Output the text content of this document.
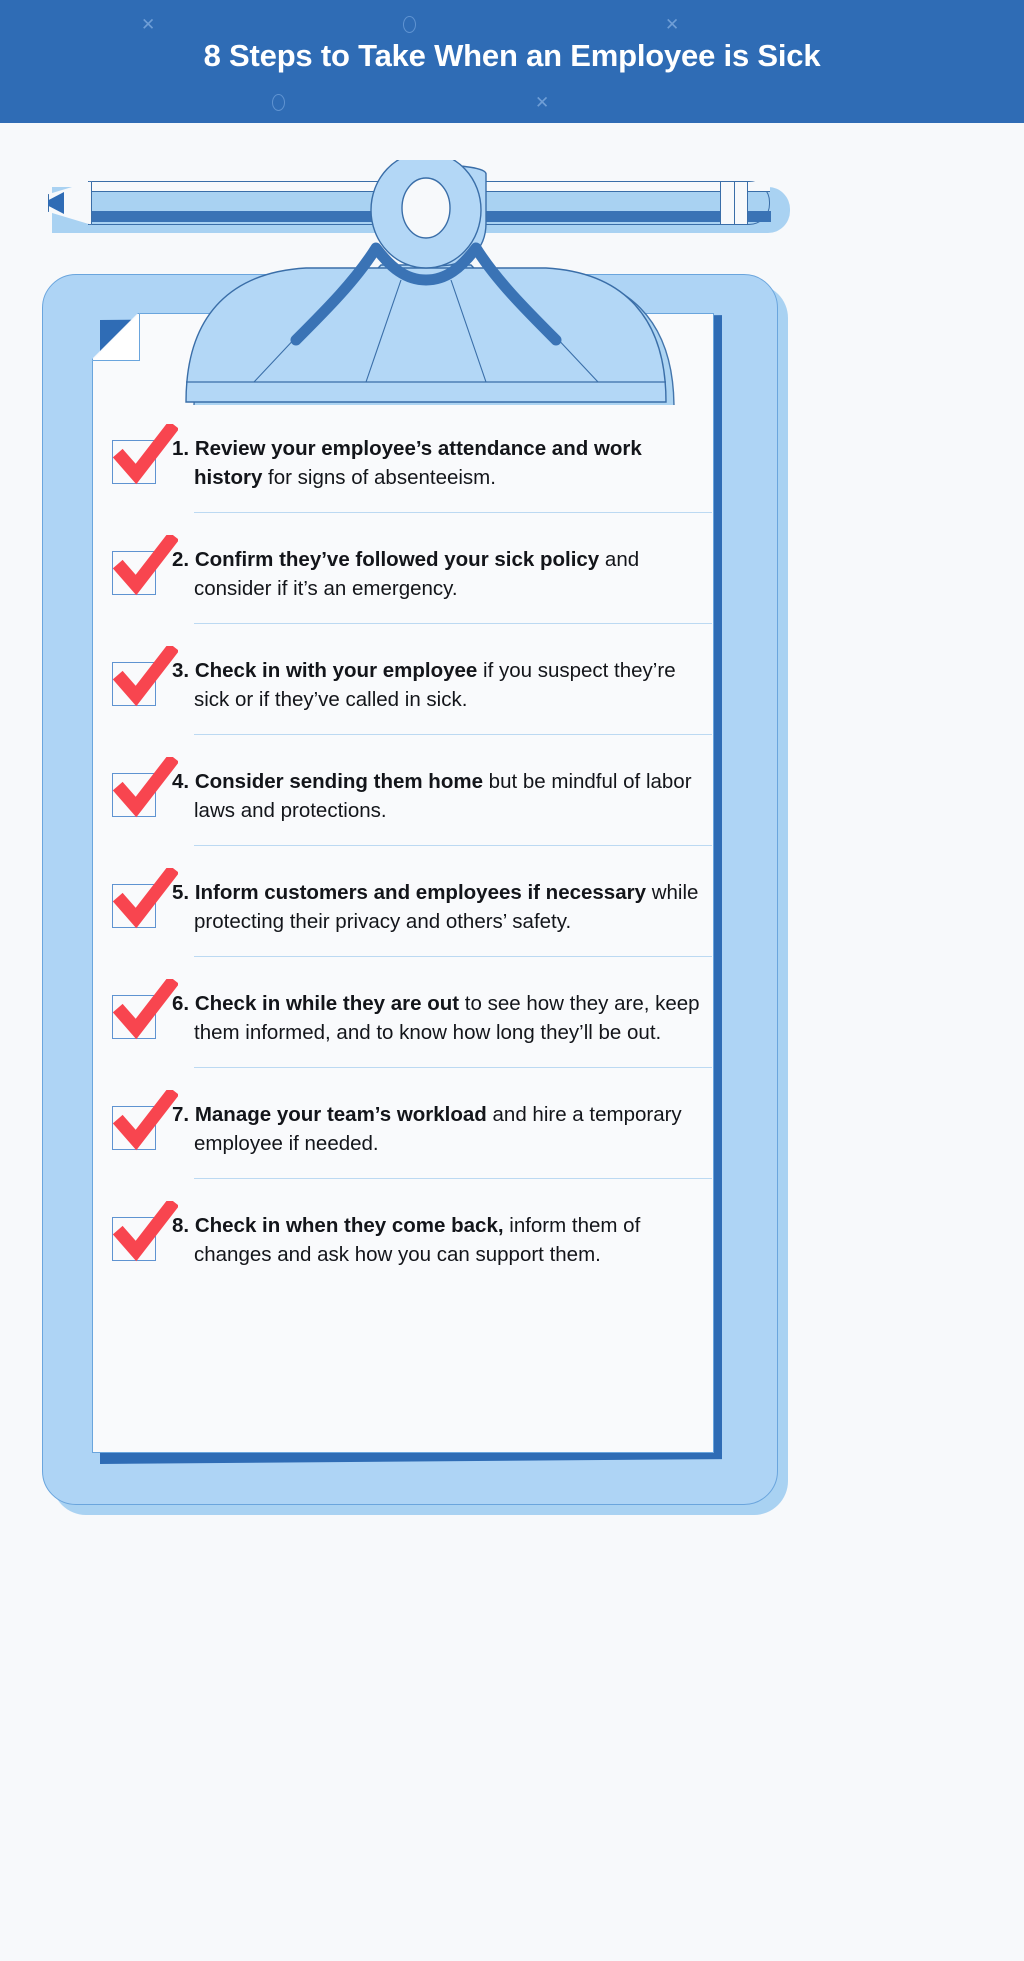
✕	✕
✕
8 Steps to Take When an Employee is Sick
1. Review your employee’s attendance and work history for signs of absenteeism.
2. Confirm they’ve followed your sick policy and consider if it’s an emergency.
3. Check in with your employee if you suspect they’re sick or if they’ve called in sick.
4. Consider sending them home but be mindful of labor laws and protections.
5. Inform customers and employees if necessary while protecting their privacy and others’ safety.
6. Check in while they are out to see how they are, keep them informed, and to know how long they’ll be out.
7. Manage your team’s workload and hire a temporary employee if needed.
8. Check in when they come back, inform them of changes and ask how you can support them.
